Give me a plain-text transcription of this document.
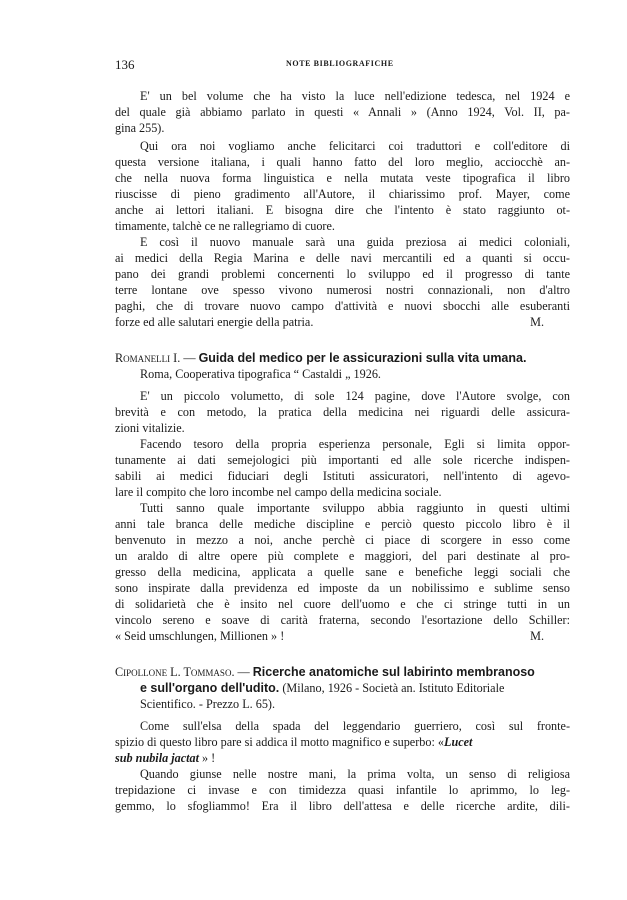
136	NOTE BIBLIOGRAFICHE
E' un bel volume che ha visto la luce nell'edizione tedesca, nel 1924 e
del quale già abbiamo parlato in questi « Annali » (Anno 1924, Vol. II, pa-
gina 255).
Qui ora noi vogliamo anche felicitarci coi traduttori e coll'editore di
questa versione italiana, i quali hanno fatto del loro meglio, acciocchè an-
che nella nuova forma linguistica e nella mutata veste tipografica il libro
riuscisse di pieno gradimento all'Autore, il chiarissimo prof. Mayer, come
anche ai lettori italiani. E bisogna dire che l'intento è stato raggiunto ot-
timamente, talchè ce ne rallegriamo di cuore.
E così il nuovo manuale sarà una guida preziosa ai medici coloniali,
ai medici della Regia Marina e delle navi mercantili ed a quanti si occu-
pano dei grandi problemi concernenti lo sviluppo ed il progresso di tante
terre lontane ove spesso vivono numerosi nostri connazionali, non d'altro
paghi, che di trovare nuovo campo d'attività e nuovi sbocchi alle esuberanti
forze ed alle salutari energie della patria.	M.
Romanelli I. — Guida del medico per le assicurazioni sulla vita umana.
Roma, Cooperativa tipografica “ Castaldi „ 1926.
E' un piccolo volumetto, di sole 124 pagine, dove l'Autore svolge, con
brevità e con metodo, la pratica della medicina nei riguardi delle assicura-
zioni vitalizie.
Facendo tesoro della propria esperienza personale, Egli si limita oppor-
tunamente ai dati semejologici più importanti ed alle sole ricerche indispen-
sabili ai medici fiduciari degli Istituti assicuratori, nell'intento di agevo-
lare il compito che loro incombe nel campo della medicina sociale.
Tutti sanno quale importante sviluppo abbia raggiunto in questi ultimi
anni tale branca delle mediche discipline e perciò questo piccolo libro è il
benvenuto in mezzo a noi, anche perchè ci piace di scorgere in esso come
un araldo di altre opere più complete e maggiori, del pari destinate al pro-
gresso della medicina, applicata a quelle sane e benefiche leggi sociali che
sono inspirate dalla previdenza ed imposte da un nobilissimo e sublime senso
di solidarietà che è insito nel cuore dell'uomo e che ci stringe tutti in un
vincolo sereno e soave di carità fraterna, secondo l'esortazione dello Schiller:
« Seid umschlungen, Millionen » !	M.
Cipollone L. Tommaso. — Ricerche anatomiche sul labirinto membranoso
e sull'organo dell'udito. (Milano, 1926 - Società an. Istituto Editoriale
Scientifico. - Prezzo L. 65).
Come sull'elsa della spada del leggendario guerriero, così sul fronte-
spizio di questo libro pare si addica il motto magnifico e superbo: «Lucet
sub nubila jactat » !
Quando giunse nelle nostre mani, la prima volta, un senso di religiosa
trepidazione ci invase e con timidezza quasi infantile lo aprimmo, lo leg-
gemmo, lo sfogliammo! Era il libro dell'attesa e delle ricerche ardite, dili-
